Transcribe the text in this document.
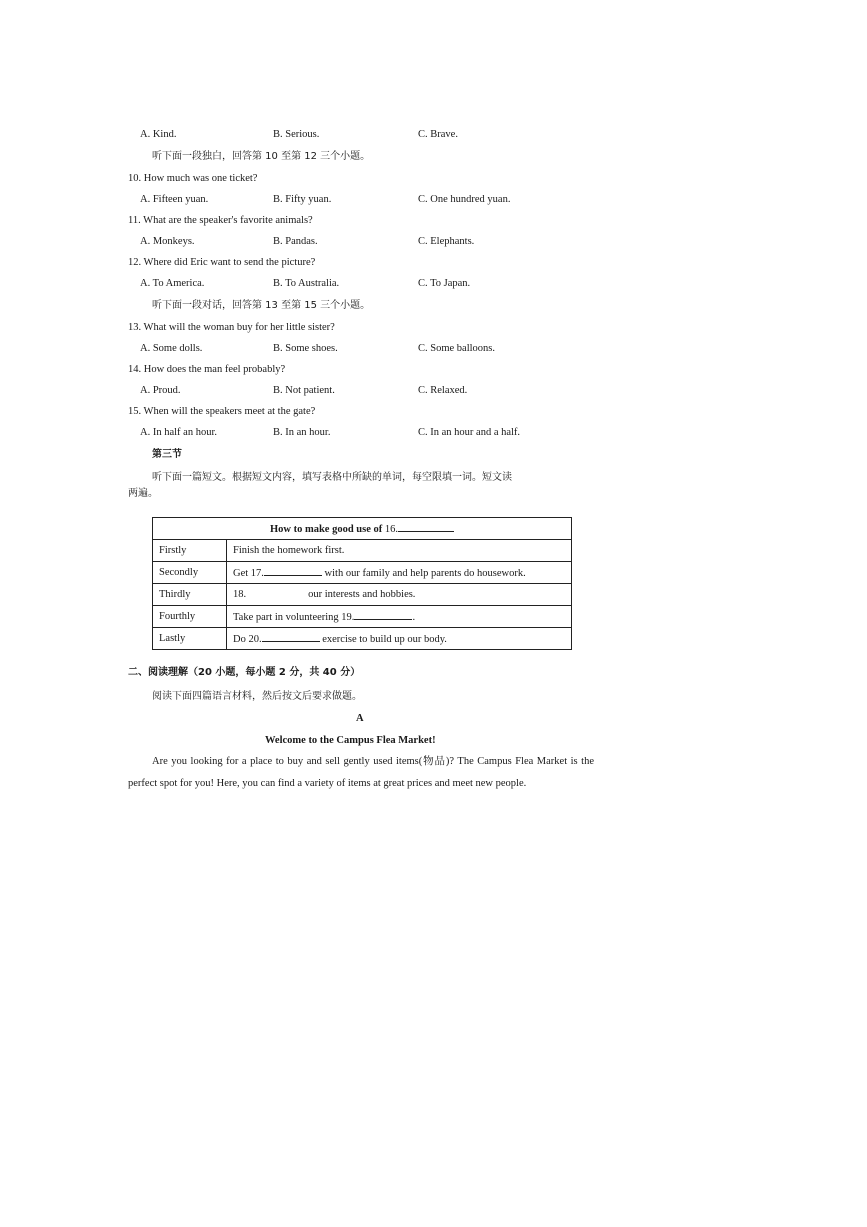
A. Kind.	B. Serious.	C. Brave.
听下面一段独白，回答第 10 至第 12 三个小题。
10. How much was one ticket?
A. Fifteen yuan.	B. Fifty yuan.	C. One hundred yuan.
11. What are the speaker's favorite animals?
A. Monkeys.	B. Pandas.	C. Elephants.
12. Where did Eric want to send the picture?
A. To America.	B. To Australia.	C. To Japan.
听下面一段对话，回答第 13 至第 15 三个小题。
13. What will the woman buy for her little sister?
A. Some dolls.	B. Some shoes.	C. Some balloons.
14. How does the man feel probably?
A. Proud.	B. Not patient.	C. Relaxed.
15. When will the speakers meet at the gate?
A. In half an hour.	B. In an hour.	C. In an hour and a half.
第三节
听下面一篇短文。根据短文内容，填写表格中所缺的单词，每空限填一词。短文读
两遍。
How to make good use of 16.	
Firstly	Finish the homework first.
Secondly	Get 17. with our family and help parents do housework.
Thirdly	18. our interests and hobbies.
Fourthly	Take part in volunteering 19. .
Lastly	Do 20. exercise to build up our body.
二、阅读理解（20 小题，每小题 2 分，共 40 分）
阅读下面四篇语言材料，然后按文后要求做题。
A
Welcome to the Campus Flea Market!
Are you looking for a place to buy and sell gently used items(物品)? The Campus Flea Market is the perfect spot for you! Here, you can find a variety of items at great prices and meet new people.
